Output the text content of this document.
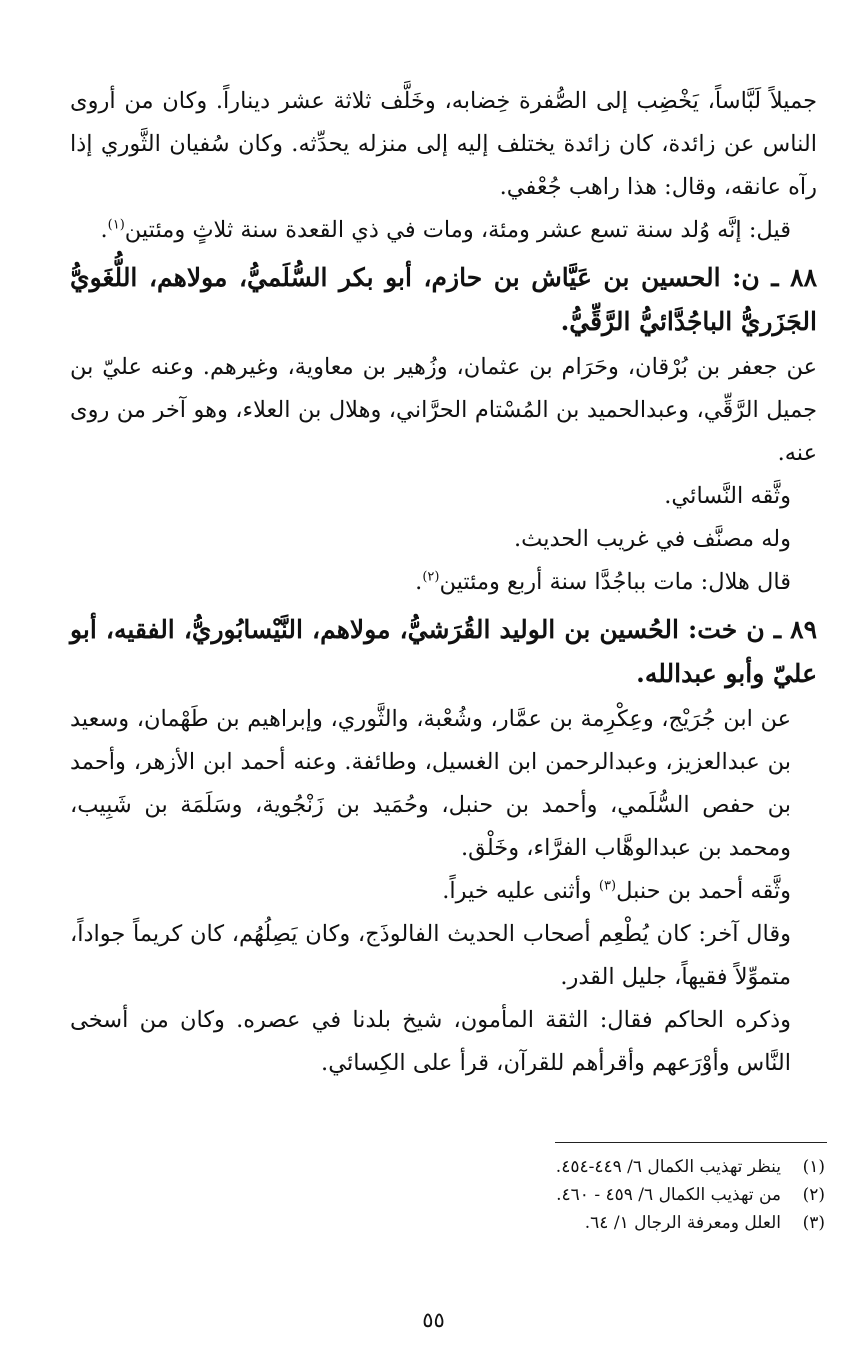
جميلاً لَبَّاساً، يَخْضِب إلى الصُّفرة خِضابه، وخَلَّف ثلاثة عشر ديناراً. وكان من أروى الناس عن زائدة، كان زائدة يختلف إليه إلى منزله يحدِّثه. وكان سُفيان الثَّوري إذا رآه عانقه، وقال: هذا راهب جُعْفي.

قيل: إنَّه وُلد سنة تسع عشر ومئة، ومات في ذي القعدة سنة ثلاثٍ ومئتين$^{(١)}$.

٨٨ ـ ن: الحسين بن عَيَّاش بن حازم، أبو بكر السُّلَميُّ، مولاهم، اللُّغَويُّ الجَزَريُّ الباجُدَّائيُّ الرَّقِّيُّ.

عن جعفر بن بُرْقان، وحَرَام بن عثمان، وزُهير بن معاوية، وغيرهم. وعنه عليّ بن جميل الرَّقِّي، وعبدالحميد بن المُسْتام الحرَّاني، وهلال بن العلاء، وهو آخر من روى عنه.

وثَّقه النَّسائي.

وله مصنَّف في غريب الحديث.

قال هلال: مات بباجُدَّا سنة أربع ومئتين$^{(٢)}$.

٨٩ ـ ن خت: الحُسين بن الوليد القُرَشيُّ، مولاهم، النَّيْسابُوريُّ، الفقيه، أبو عليّ وأبو عبدالله.

عن ابن جُرَيْج، وعِكْرِمة بن عمَّار، وشُعْبة، والثَّوري، وإبراهيم بن طَهْمان، وسعيد بن عبدالعزيز، وعبدالرحمن ابن الغسيل، وطائفة. وعنه أحمد ابن الأزهر، وأحمد بن حفص السُّلَمي، وأحمد بن حنبل، وحُمَيد بن زَنْجُوية، وسَلَمَة بن شَبِيب، ومحمد بن عبدالوهَّاب الفرَّاء، وخَلْق.

وثَّقه أحمد بن حنبل$^{(٣)}$ وأثنى عليه خيراً.

وقال آخر: كان يُطْعِم أصحاب الحديث الفالوذَج، وكان يَصِلُهُم، كان كريماً جواداً، متموِّلاً فقيهاً، جليل القدر.

وذكره الحاكم فقال: الثقة المأمون، شيخ بلدنا في عصره. وكان من أسخى النَّاس وأوْرَعهم وأقرأهم للقرآن، قرأ على الكِسائي.

(١)ينظر تهذيب الكمال ٦/ ٤٤٩-٤٥٤.
(٢)من تهذيب الكمال ٦/ ٤٥٩ - ٤٦٠.
(٣)العلل ومعرفة الرجال ١/ ٦٤.
٥٥
